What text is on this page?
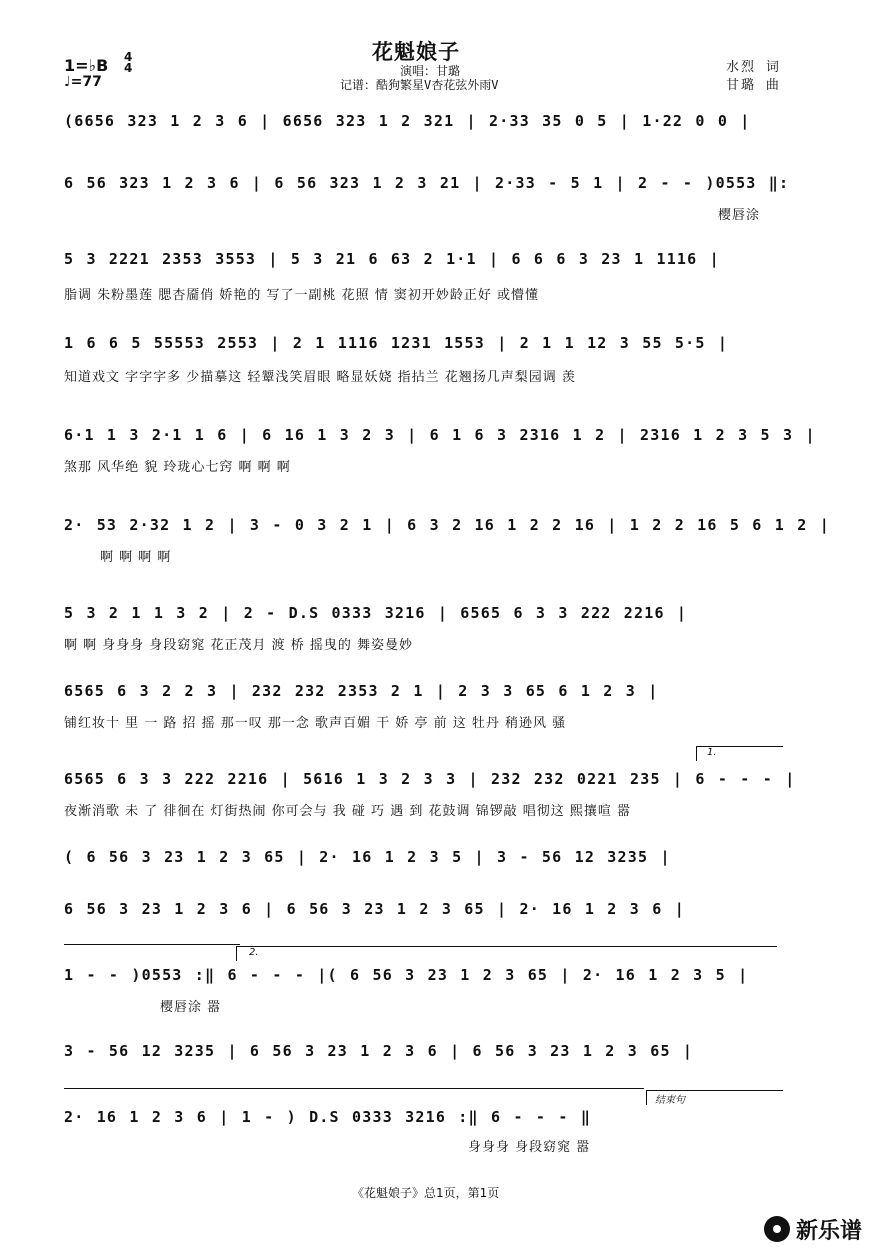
花魁娘子
演唱：甘璐
记谱：酷狗繁星V杏花弦外雨V
1=♭B 4
4
♩=77
水烈 词
甘璐 曲
(6656 323 1 2 3 6 | 6656 323 1 2 321 | 2·33 35 0 5 | 1·22 0 0 |
6 56 323 1 2 3 6 | 6 56 323 1 2 3 21 | 2·33 - 5 1 | 2 - - )0553 ‖:
樱唇涂
5 3 2221 2353 3553 | 5 3 21 6 63 2 1·1 | 6 6 6 3 23 1 1116 |
脂调 朱粉墨莲 腮杏靥俏 娇艳的 写了一副桃 花照 情 窦初开妙龄正好 或懵懂
1 6 6 5 55553 2553 | 2 1 1116 1231 1553 | 2 1 1 12 3 55 5·5 |
知道戏文 字字字多 少描摹这 轻颦浅笑眉眼 略显妖娆 指拈兰 花翘扬几声梨园调 羡
6·1 1 3 2·1 1 6 | 6 16 1 3 2 3 | 6 1 6 3 2316 1 2 | 2316 1 2 3 5 3 |
煞那 风华绝 貌 玲珑心七窍 啊 啊 啊
2· 53 2·32 1 2 | 3 - 0 3 2 1 | 6 3 2 16 1 2 2 16 | 1 2 2 16 5 6 1 2 |
啊 啊 啊 啊
5 3 2 1 1 3 2 | 2 - D.S 0333 3216 | 6565 6 3 3 222 2216 |
啊 啊 身身身 身段窈窕 花正茂月 渡 桥 摇曳的 舞姿曼妙
6565 6 3 2 2 3 | 232 232 2353 2 1 | 2 3 3 65 6 1 2 3 |
铺红妆十 里 一 路 招 摇 那一叹 那一念 歌声百媚 干 娇 亭 前 这 牡丹 稍逊风 骚
6565 6 3 3 222 2216 | 5616 1 3 2 3 3 | 232 232 0221 235 | 6 - - - |
夜渐消歌 未 了 徘徊在 灯街热闹 你可会与 我 碰 巧 遇 到 花鼓调 锦锣敲 唱彻这 熙攘喧 嚣
( 6 56 3 23 1 2 3 65 | 2· 16 1 2 3 5 | 3 - 56 12 3235 |
6 56 3 23 1 2 3 6 | 6 56 3 23 1 2 3 65 | 2· 16 1 2 3 6 |
1 - - )0553 :‖ 6 - - - |( 6 56 3 23 1 2 3 65 | 2· 16 1 2 3 5 |
樱唇涂 嚣
3 - 56 12 3235 | 6 56 3 23 1 2 3 6 | 6 56 3 23 1 2 3 65 |
2· 16 1 2 3 6 | 1 - ) D.S 0333 3216 :‖ 6 - - - ‖
身身身 身段窈窕 嚣
1.
2.
结束句
《花魁娘子》总1页，第1页
新乐谱
